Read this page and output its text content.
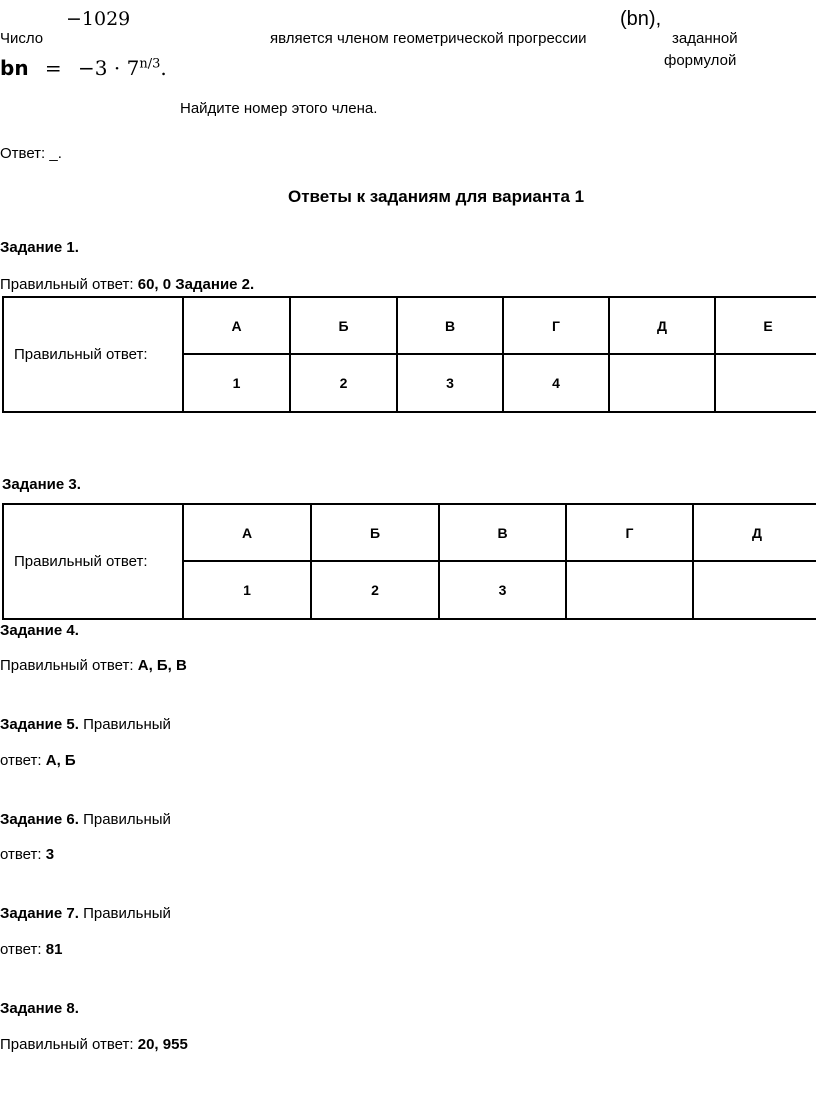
Число
−1029
является членом геометрической прогрессии
(bn),
заданной
формулой
bn = $-3 \cdot 7^{n/3}$.
Найдите номер этого члена.
Ответ: _.
Ответы к заданиям для варианта 1
Задание 1.
Правильный ответ: 60, 0 Задание 2.
Правильный ответ:	А	Б	В	Г	Д	Е
	1	2	3	4		
Задание 3.
Правильный ответ:	А	Б	В	Г	Д
	1	2	3		
Задание 4.
Правильный ответ: А, Б, В
Задание 5. Правильный
ответ: А, Б
Задание 6. Правильный
ответ: 3
Задание 7. Правильный
ответ: 81
Задание 8.
Правильный ответ: 20, 955
